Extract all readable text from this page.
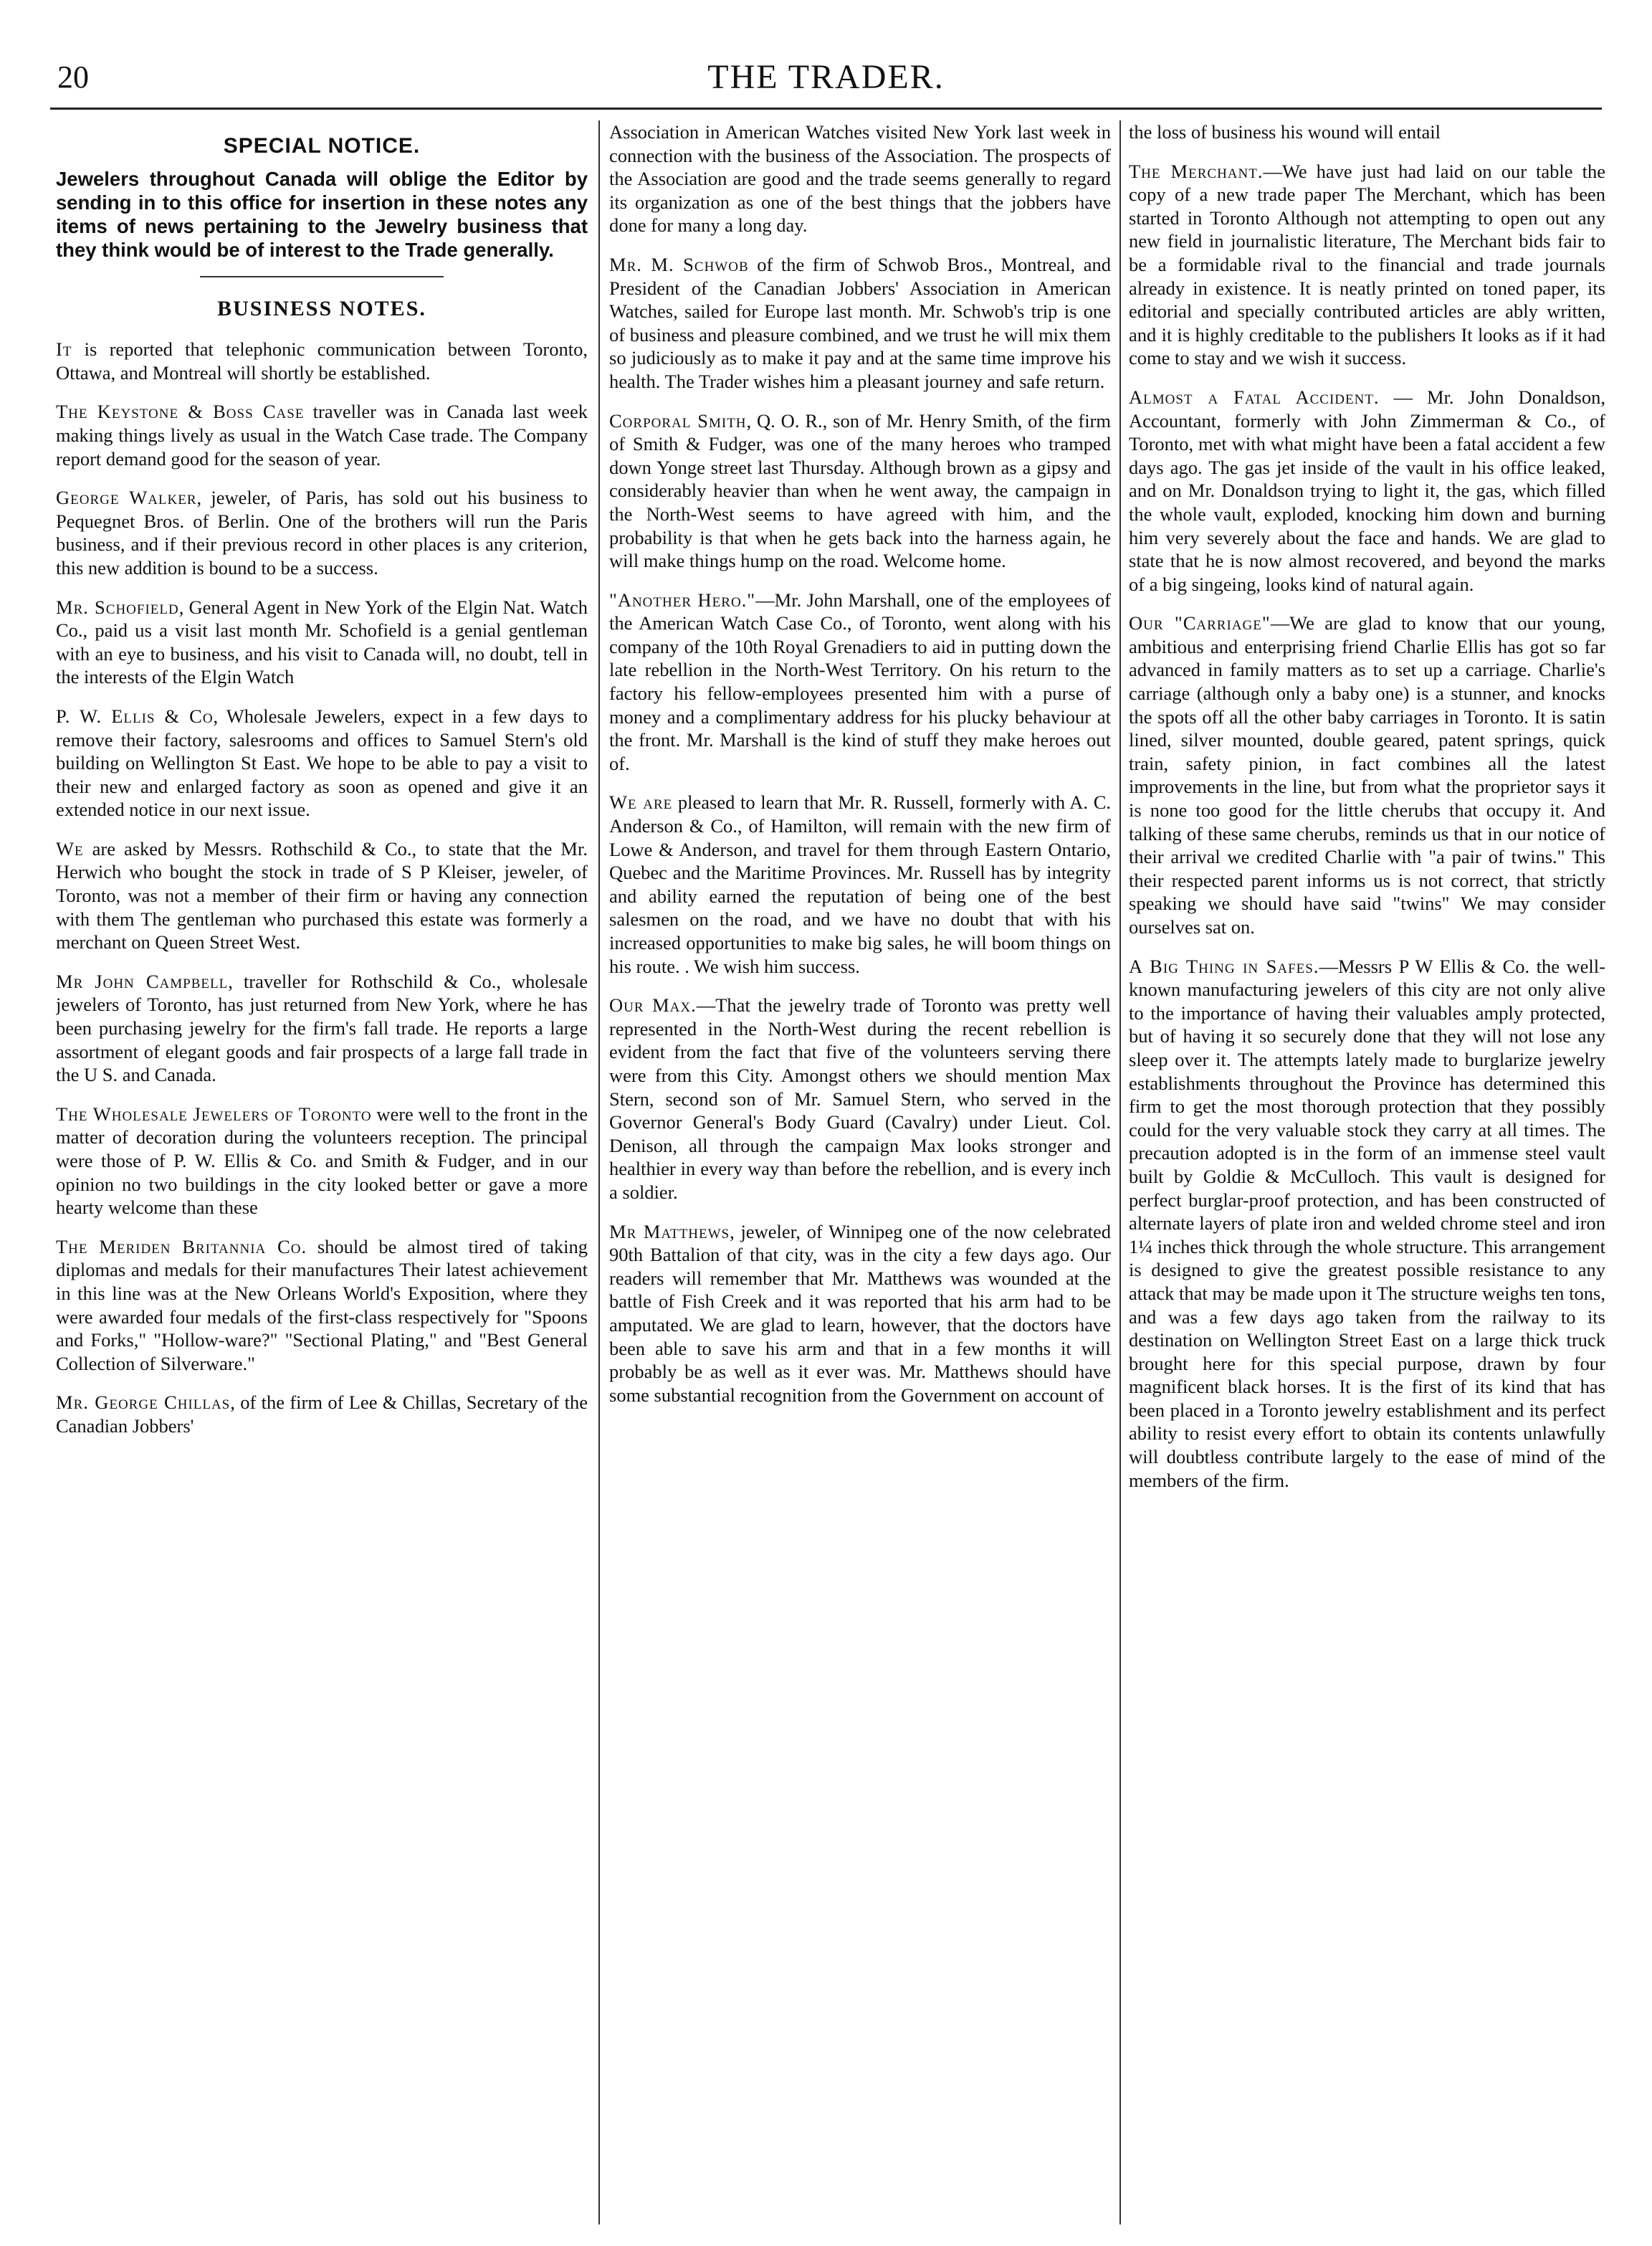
20	THE TRADER.
SPECIAL NOTICE.
Jewelers throughout Canada will oblige the Editor by sending in to this office for insertion in these notes any items of news pertaining to the Jewelry business that they think would be of interest to the Trade generally.
BUSINESS NOTES.

It is reported that telephonic communication between Toronto, Ottawa, and Montreal will shortly be established.

The Keystone & Boss Case traveller was in Canada last week making things lively as usual in the Watch Case trade. The Company report demand good for the season of year.

George Walker, jeweler, of Paris, has sold out his business to Pequegnet Bros. of Berlin. One of the brothers will run the Paris business, and if their previous record in other places is any criterion, this new addition is bound to be a success.

Mr. Schofield, General Agent in New York of the Elgin Nat. Watch Co., paid us a visit last month Mr. Schofield is a genial gentleman with an eye to business, and his visit to Canada will, no doubt, tell in the interests of the Elgin Watch

P. W. Ellis & Co, Wholesale Jewelers, expect in a few days to remove their factory, salesrooms and offices to Samuel Stern's old building on Wellington St East. We hope to be able to pay a visit to their new and enlarged factory as soon as opened and give it an extended notice in our next issue.

We are asked by Messrs. Rothschild & Co., to state that the Mr. Herwich who bought the stock in trade of S P Kleiser, jeweler, of Toronto, was not a member of their firm or having any connection with them The gentleman who purchased this estate was formerly a merchant on Queen Street West.

Mr John Campbell, traveller for Rothschild & Co., wholesale jewelers of Toronto, has just returned from New York, where he has been purchasing jewelry for the firm's fall trade. He reports a large assortment of elegant goods and fair prospects of a large fall trade in the U S. and Canada.

The Wholesale Jewelers of Toronto were well to the front in the matter of decoration during the volunteers reception. The principal were those of P. W. Ellis & Co. and Smith & Fudger, and in our opinion no two buildings in the city looked better or gave a more hearty welcome than these

The Meriden Britannia Co. should be almost tired of taking diplomas and medals for their manufactures Their latest achievement in this line was at the New Orleans World's Exposition, where they were awarded four medals of the first-class respectively for "Spoons and Forks," "Hollow-ware?" "Sectional Plating," and "Best General Collection of Silverware."

Mr. George Chillas, of the firm of Lee & Chillas, Secretary of the Canadian Jobbers'

Association in American Watches visited New York last week in connection with the business of the Association. The prospects of the Association are good and the trade seems generally to regard its organization as one of the best things that the jobbers have done for many a long day.

Mr. M. Schwob of the firm of Schwob Bros., Montreal, and President of the Canadian Jobbers' Association in American Watches, sailed for Europe last month. Mr. Schwob's trip is one of business and pleasure combined, and we trust he will mix them so judiciously as to make it pay and at the same time improve his health. The Trader wishes him a pleasant journey and safe return.

Corporal Smith, Q. O. R., son of Mr. Henry Smith, of the firm of Smith & Fudger, was one of the many heroes who tramped down Yonge street last Thursday. Although brown as a gipsy and considerably heavier than when he went away, the campaign in the North-West seems to have agreed with him, and the probability is that when he gets back into the harness again, he will make things hump on the road. Welcome home.

"Another Hero."—Mr. John Marshall, one of the employees of the American Watch Case Co., of Toronto, went along with his company of the 10th Royal Grenadiers to aid in putting down the late rebellion in the North-West Territory. On his return to the factory his fellow-employees presented him with a purse of money and a complimentary address for his plucky behaviour at the front. Mr. Marshall is the kind of stuff they make heroes out of.

We are pleased to learn that Mr. R. Russell, formerly with A. C. Anderson & Co., of Hamilton, will remain with the new firm of Lowe & Anderson, and travel for them through Eastern Ontario, Quebec and the Maritime Provinces. Mr. Russell has by integrity and ability earned the reputation of being one of the best salesmen on the road, and we have no doubt that with his increased opportunities to make big sales, he will boom things on his route. . We wish him success.

Our Max.—That the jewelry trade of Toronto was pretty well represented in the North-West during the recent rebellion is evident from the fact that five of the volunteers serving there were from this City. Amongst others we should mention Max Stern, second son of Mr. Samuel Stern, who served in the Governor General's Body Guard (Cavalry) under Lieut. Col. Denison, all through the campaign Max looks stronger and healthier in every way than before the rebellion, and is every inch a soldier.

Mr Matthews, jeweler, of Winnipeg one of the now celebrated 90th Battalion of that city, was in the city a few days ago. Our readers will remember that Mr. Matthews was wounded at the battle of Fish Creek and it was reported that his arm had to be amputated. We are glad to learn, however, that the doctors have been able to save his arm and that in a few months it will probably be as well as it ever was. Mr. Matthews should have some substantial recognition from the Government on account of

the loss of business his wound will entail

The Merchant.—We have just had laid on our table the copy of a new trade paper The Merchant, which has been started in Toronto Although not attempting to open out any new field in journalistic literature, The Merchant bids fair to be a formidable rival to the financial and trade journals already in existence. It is neatly printed on toned paper, its editorial and specially contributed articles are ably written, and it is highly creditable to the publishers It looks as if it had come to stay and we wish it success.

Almost a Fatal Accident. — Mr. John Donaldson, Accountant, formerly with John Zimmerman & Co., of Toronto, met with what might have been a fatal accident a few days ago. The gas jet inside of the vault in his office leaked, and on Mr. Donaldson trying to light it, the gas, which filled the whole vault, exploded, knocking him down and burning him very severely about the face and hands. We are glad to state that he is now almost recovered, and beyond the marks of a big singeing, looks kind of natural again.

Our "Carriage"—We are glad to know that our young, ambitious and enterprising friend Charlie Ellis has got so far advanced in family matters as to set up a carriage. Charlie's carriage (although only a baby one) is a stunner, and knocks the spots off all the other baby carriages in Toronto. It is satin lined, silver mounted, double geared, patent springs, quick train, safety pinion, in fact combines all the latest improvements in the line, but from what the proprietor says it is none too good for the little cherubs that occupy it. And talking of these same cherubs, reminds us that in our notice of their arrival we credited Charlie with "a pair of twins." This their respected parent informs us is not correct, that strictly speaking we should have said "twins" We may consider ourselves sat on.

A Big Thing in Safes.—Messrs P W Ellis & Co. the well-known manufacturing jewelers of this city are not only alive to the importance of having their valuables amply protected, but of having it so securely done that they will not lose any sleep over it. The attempts lately made to burglarize jewelry establishments throughout the Province has determined this firm to get the most thorough protection that they possibly could for the very valuable stock they carry at all times. The precaution adopted is in the form of an immense steel vault built by Goldie & McCulloch. This vault is designed for perfect burglar-proof protection, and has been constructed of alternate layers of plate iron and welded chrome steel and iron 1¼ inches thick through the whole structure. This arrangement is designed to give the greatest possible resistance to any attack that may be made upon it The structure weighs ten tons, and was a few days ago taken from the railway to its destination on Wellington Street East on a large thick truck brought here for this special purpose, drawn by four magnificent black horses. It is the first of its kind that has been placed in a Toronto jewelry establishment and its perfect ability to resist every effort to obtain its contents unlawfully will doubtless contribute largely to the ease of mind of the members of the firm.
